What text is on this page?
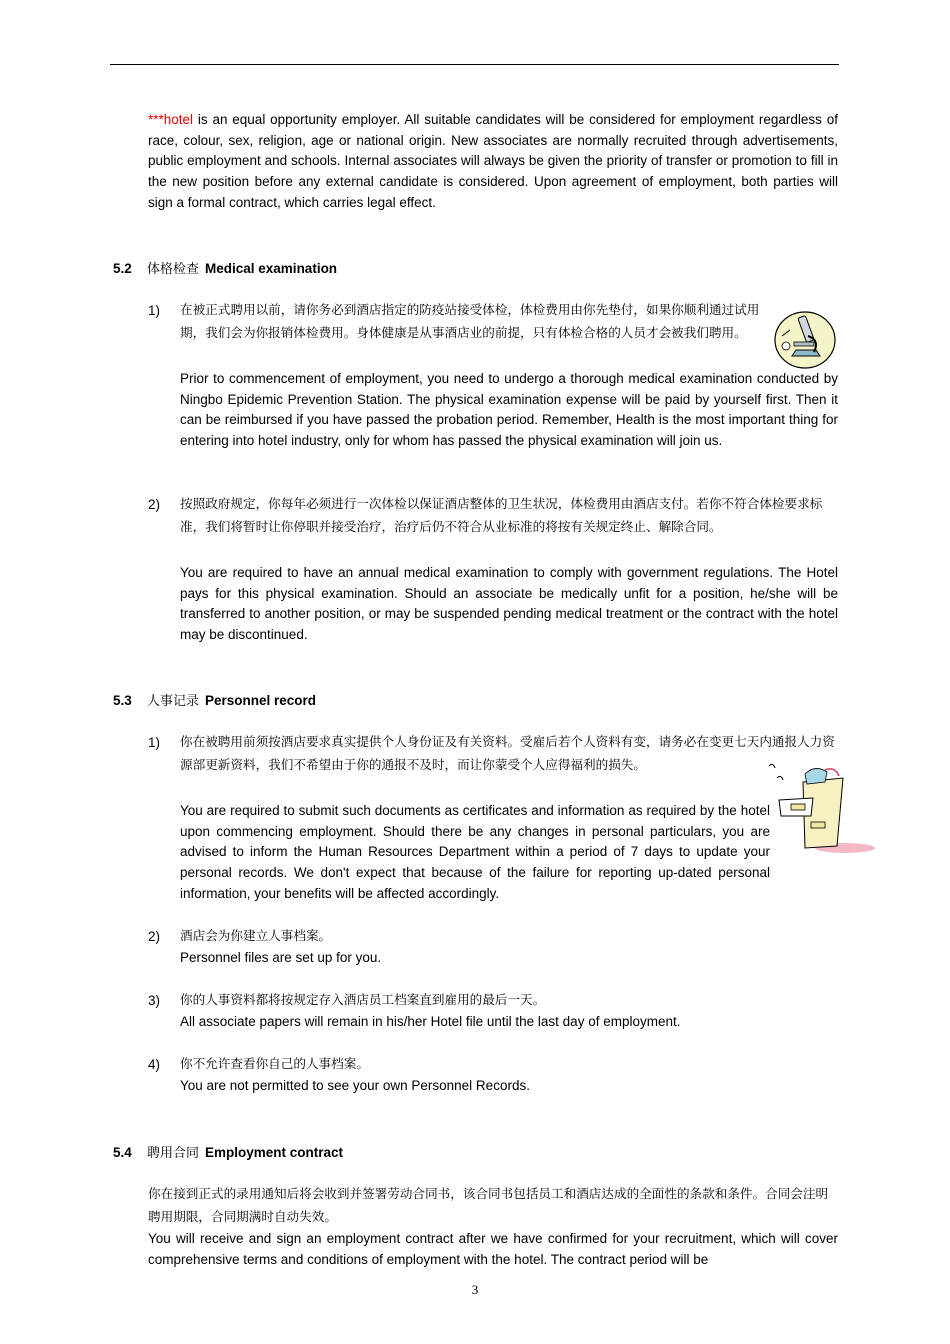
***hotel is an equal opportunity employer. All suitable candidates will be considered for employment regardless of race, colour, sex, religion, age or national origin. New associates are normally recruited through advertisements, public employment and schools. Internal associates will always be given the priority of transfer or promotion to fill in the new position before any external candidate is considered. Upon agreement of employment, both parties will sign a formal contract, which carries legal effect.

5.2 体格检查 Medical examination
1) 在被正式聘用以前，请你务必到酒店指定的防疫站接受体检，体检费用由你先垫付，如果你顺利通过试用期，我们会为你报销体检费用。身体健康是从事酒店业的前提，只有体检合格的人员才会被我们聘用。

Prior to commencement of employment, you need to undergo a thorough medical examination conducted by Ningbo Epidemic Prevention Station. The physical examination expense will be paid by yourself first. Then it can be reimbursed if you have passed the probation period. Remember, Health is the most important thing for entering into hotel industry, only for whom has passed the physical examination will join us.

2) 按照政府规定，你每年必须进行一次体检以保证酒店整体的卫生状况，体检费用由酒店支付。若你不符合体检要求标准，我们将暂时让你停职并接受治疗，治疗后仍不符合从业标准的将按有关规定终止、解除合同。

You are required to have an annual medical examination to comply with government regulations. The Hotel pays for this physical examination. Should an associate be medically unfit for a position, he/she will be transferred to another position, or may be suspended pending medical treatment or the contract with the hotel may be discontinued.

5.3 人事记录 Personnel record
1) 你在被聘用前须按酒店要求真实提供个人身份证及有关资料。受雇后若个人资料有变，请务必在变更七天内通报人力资源部更新资料，我们不希望由于你的通报不及时，而让你蒙受个人应得福利的损失。

You are required to submit such documents as certificates and information as required by the hotel upon commencing employment. Should there be any changes in personal particulars, you are advised to inform the Human Resources Department within a period of 7 days to update your personal records. We don't expect that because of the failure for reporting up-dated personal information, your benefits will be affected accordingly.

2) 酒店会为你建立人事档案。

Personnel files are set up for you.

3) 你的人事资料都将按规定存入酒店员工档案直到雇用的最后一天。

All associate papers will remain in his/her Hotel file until the last day of employment.

4) 你不允许查看你自己的人事档案。

You are not permitted to see your own Personnel Records.

5.4 聘用合同 Employment contract

你在接到正式的录用通知后将会收到并签署劳动合同书，该合同书包括员工和酒店达成的全面性的条款和条件。合同会注明聘用期限，合同期满时自动失效。

You will receive and sign an employment contract after we have confirmed for your recruitment, which will cover comprehensive terms and conditions of employment with the hotel. The contract period will be

3
